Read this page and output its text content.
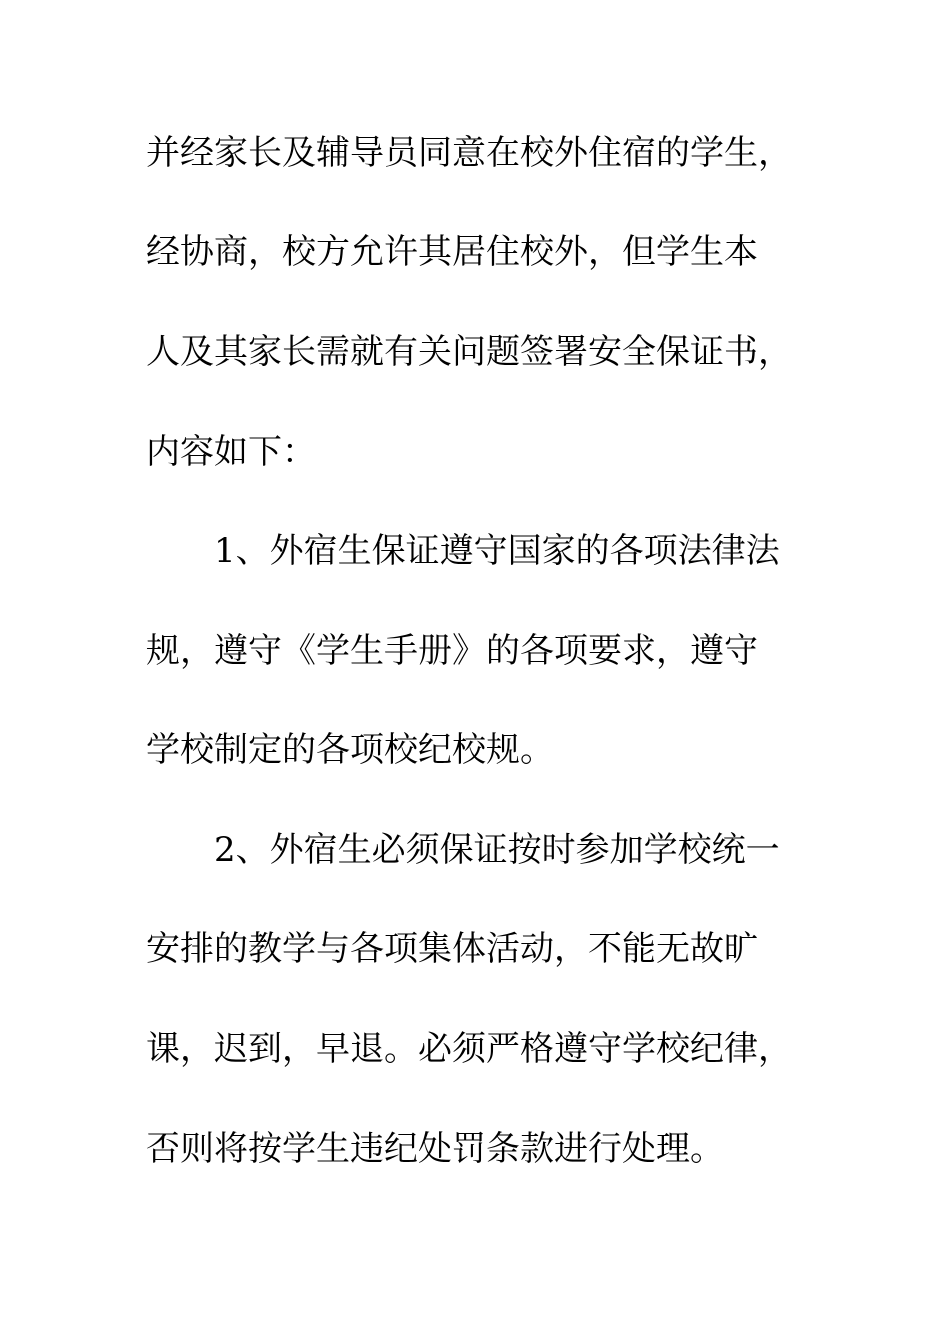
并经家长及辅导员同意在校外住宿的学生，
经协商，校方允许其居住校外，但学生本
人及其家长需就有关问题签署安全保证书，
内容如下：
1、外宿生保证遵守国家的各项法律法
规，遵守《学生手册》的各项要求，遵守
学校制定的各项校纪校规。
2、外宿生必须保证按时参加学校统一
安排的教学与各项集体活动，不能无故旷
课，迟到，早退。必须严格遵守学校纪律，
否则将按学生违纪处罚条款进行处理。
